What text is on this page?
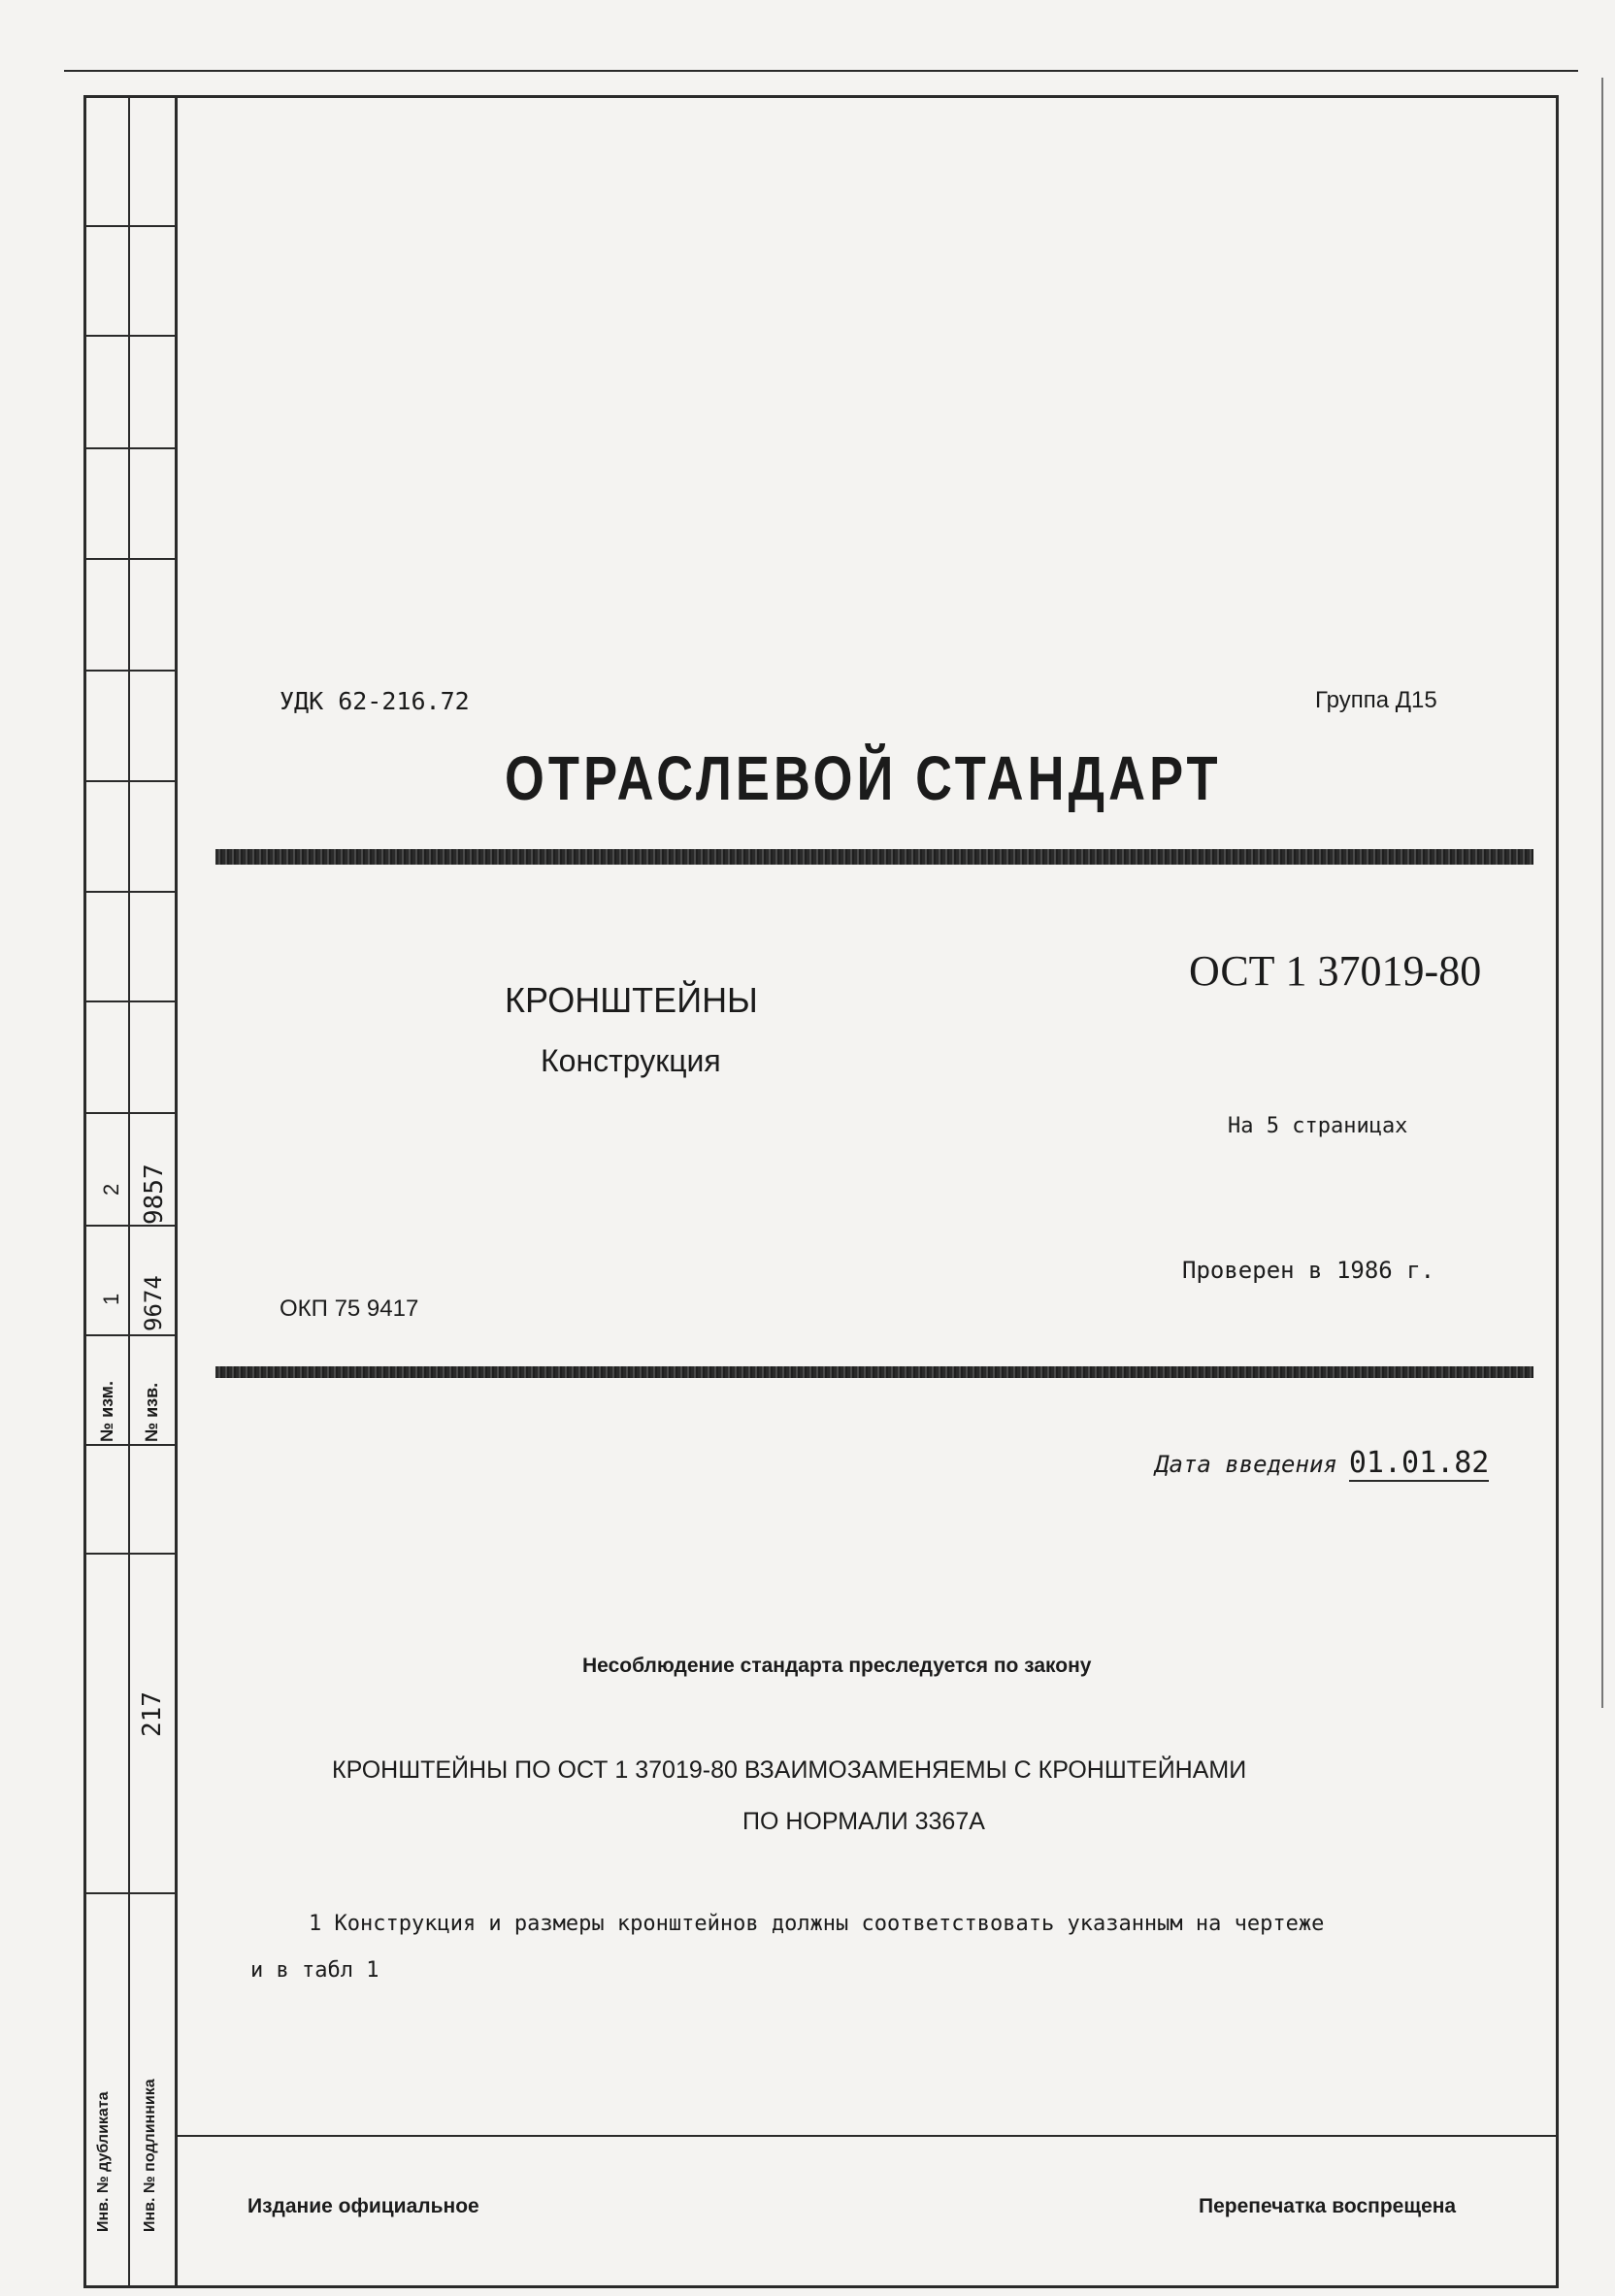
2 9857
1 9674
№ изм. № изв.
217
Инв. № дубликата Инв. № подлинника
УДК 62-216.72	Группа Д15
ОТРАСЛЕВОЙ СТАНДАРТ
КРОНШТЕЙНЫ
Конструкция
ОСТ 1 37019-80
На 5 страницах
Проверен в 1986 г.
ОКП 75 9417
Дата введения 01.01.82
Несоблюдение стандарта преследуется по закону
КРОНШТЕЙНЫ ПО ОСТ 1 37019-80 ВЗАИМОЗАМЕНЯЕМЫ С КРОНШТЕЙНАМИ
ПО НОРМАЛИ 3367А
1 Конструкция и размеры кронштейнов должны соответствовать указанным на чертеже
и в табл 1
Издание официальное	Перепечатка воспрещена
